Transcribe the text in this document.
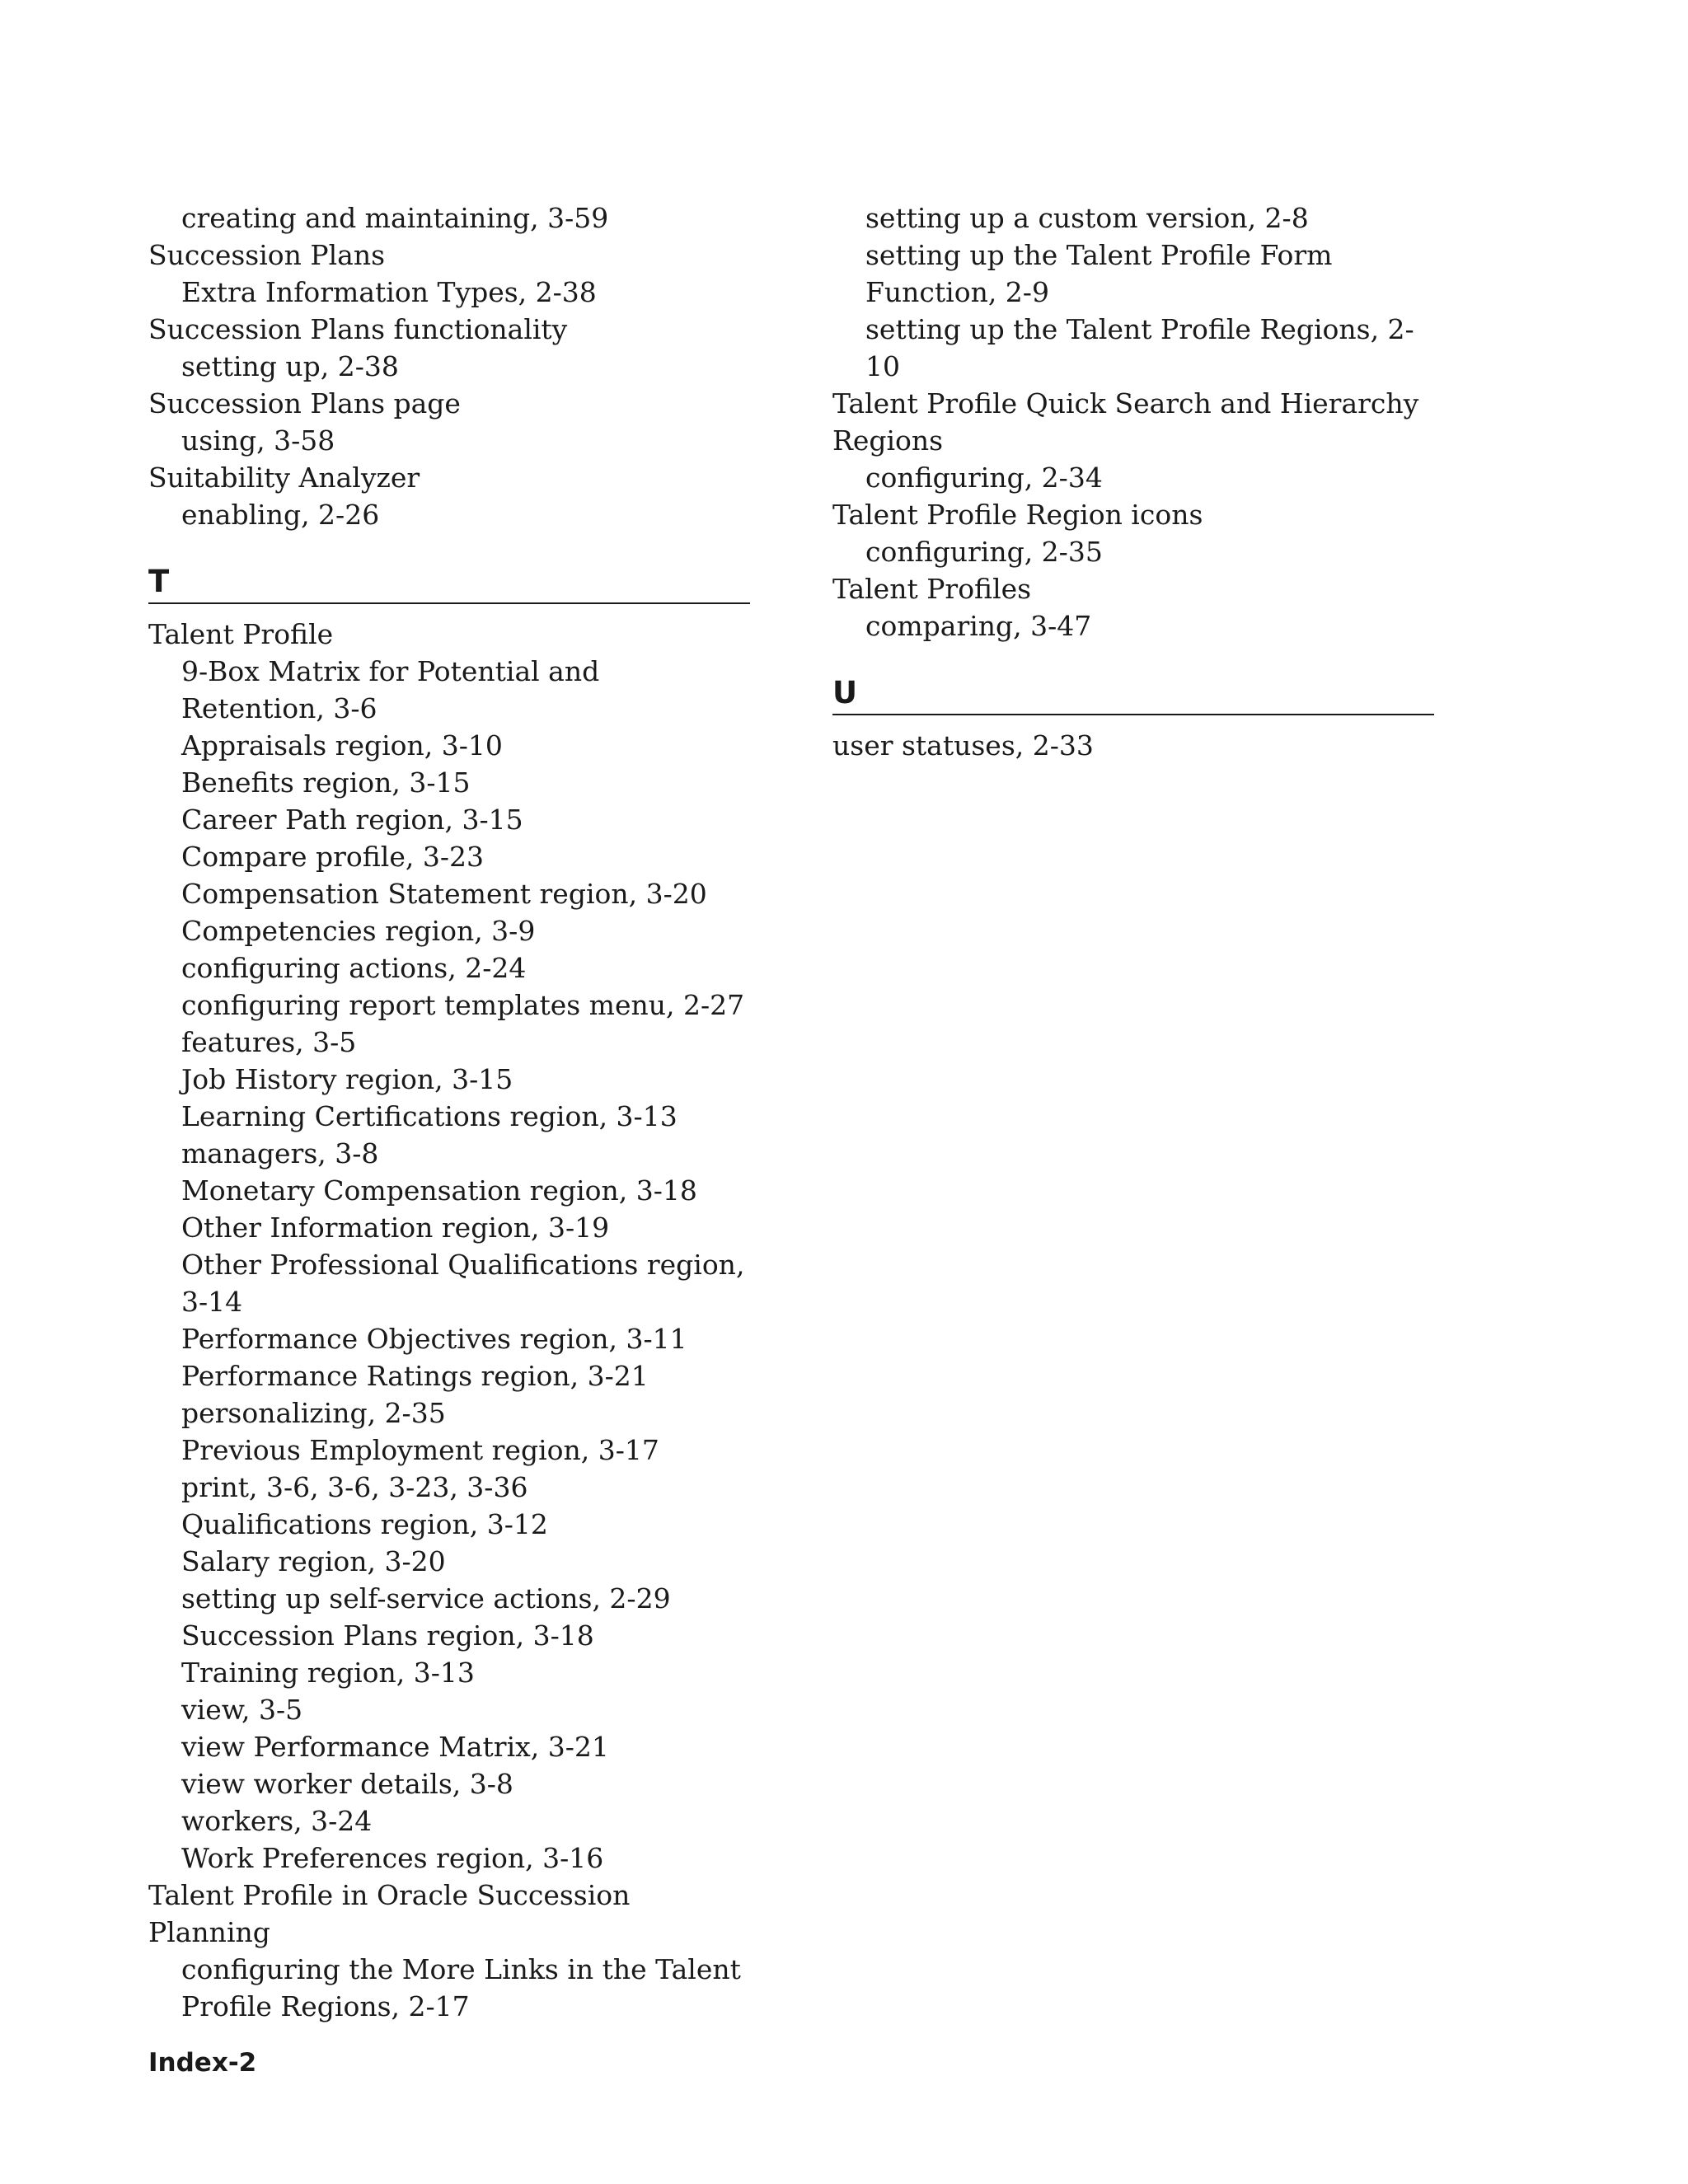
creating and maintaining, 3-59
Succession Plans
Extra Information Types, 2-38
Succession Plans functionality
setting up, 2-38
Succession Plans page
using, 3-58
Suitability Analyzer
enabling, 2-26
T
Talent Profile
9-Box Matrix for Potential and Retention, 3-6
Appraisals region, 3-10
Benefits region, 3-15
Career Path region, 3-15
Compare profile, 3-23
Compensation Statement region, 3-20
Competencies region, 3-9
configuring actions, 2-24
configuring report templates menu, 2-27
features, 3-5
Job History region, 3-15
Learning Certifications region, 3-13
managers, 3-8
Monetary Compensation region, 3-18
Other Information region, 3-19
Other Professional Qualifications region, 3-14
Performance Objectives region, 3-11
Performance Ratings region, 3-21
personalizing, 2-35
Previous Employment region, 3-17
print, 3-6, 3-6, 3-23, 3-36
Qualifications region, 3-12
Salary region, 3-20
setting up self-service actions, 2-29
Succession Plans region, 3-18
Training region, 3-13
view, 3-5
view Performance Matrix, 3-21
view worker details, 3-8
workers, 3-24
Work Preferences region, 3-16
Talent Profile in Oracle Succession Planning
configuring the More Links in the Talent Profile Regions, 2-17
setting up a custom version, 2-8
setting up the Talent Profile Form Function, 2-9
setting up the Talent Profile Regions, 2-10
Talent Profile Quick Search and Hierarchy Regions
configuring, 2-34
Talent Profile Region icons
configuring, 2-35
Talent Profiles
comparing, 3-47
U
user statuses, 2-33
Index-2
